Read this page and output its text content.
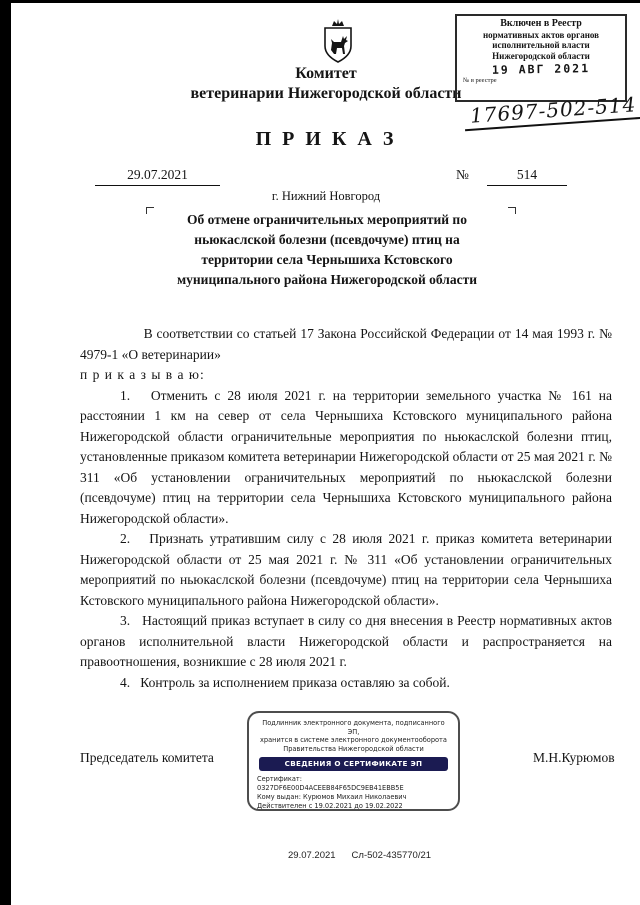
Комитет
ветеринарии Нижегородской области
Включен в Реестр
нормативных актов органов
исполнительной власти
Нижегородской области
19 АВГ 2021
№ в реестре
17697-502-514
П Р И К А З
29.07.2021	№	514
г. Нижний Новгород
Об отмене ограничительных мероприятий по ньюкаслской болезни (псевдочуме) птиц на территории села Чернышиха Кстовского муниципального района Нижегородской области

В соответствии со статьей 17 Закона Российской Федерации от 14 мая 1993 г. № 4979-1 «О ветеринарии»

п р и к а з ы в а ю:

1.   Отменить с 28 июля 2021 г. на территории земельного участка № 161 на расстоянии 1 км на север от села Чернышиха Кстовского муниципального района Нижегородской области ограничительные мероприятия по ньюкаслской болезни птиц, установленные приказом комитета ветеринарии Нижегородской области от 25 мая 2021 г. № 311 «Об установлении ограничительных мероприятий по ньюкаслской болезни (псевдочуме) птиц на территории села Чернышиха Кстовского муниципального района Нижегородской области».

2.   Признать утратившим силу с 28 июля 2021 г. приказ комитета ветеринарии Нижегородской области от 25 мая 2021 г. № 311 «Об установлении ограничительных мероприятий по ньюкаслской болезни (псевдочуме) птиц на территории села Чернышиха Кстовского муниципального района Нижегородской области».

3.   Настоящий приказ вступает в силу со дня внесения в Реестр нормативных актов органов исполнительной власти Нижегородской области и распространяется на правоотношения, возникшие с 28 июля 2021 г.

4.   Контроль за исполнением приказа оставляю за собой.

Председатель комитета	М.Н.Курюмов
Подлинник электронного документа, подписанного ЭП,
хранится в системе электронного документооборота
Правительства Нижегородской области
СВЕДЕНИЯ О СЕРТИФИКАТЕ ЭП
Сертификат: 0327DF6E00D4ACEEB84F65DC9EB41EBB5E
Кому выдан: Курюмов Михаил Николаевич
Действителен с 19.02.2021 до 19.02.2022
29.07.2021 Сл-502-435770/21
